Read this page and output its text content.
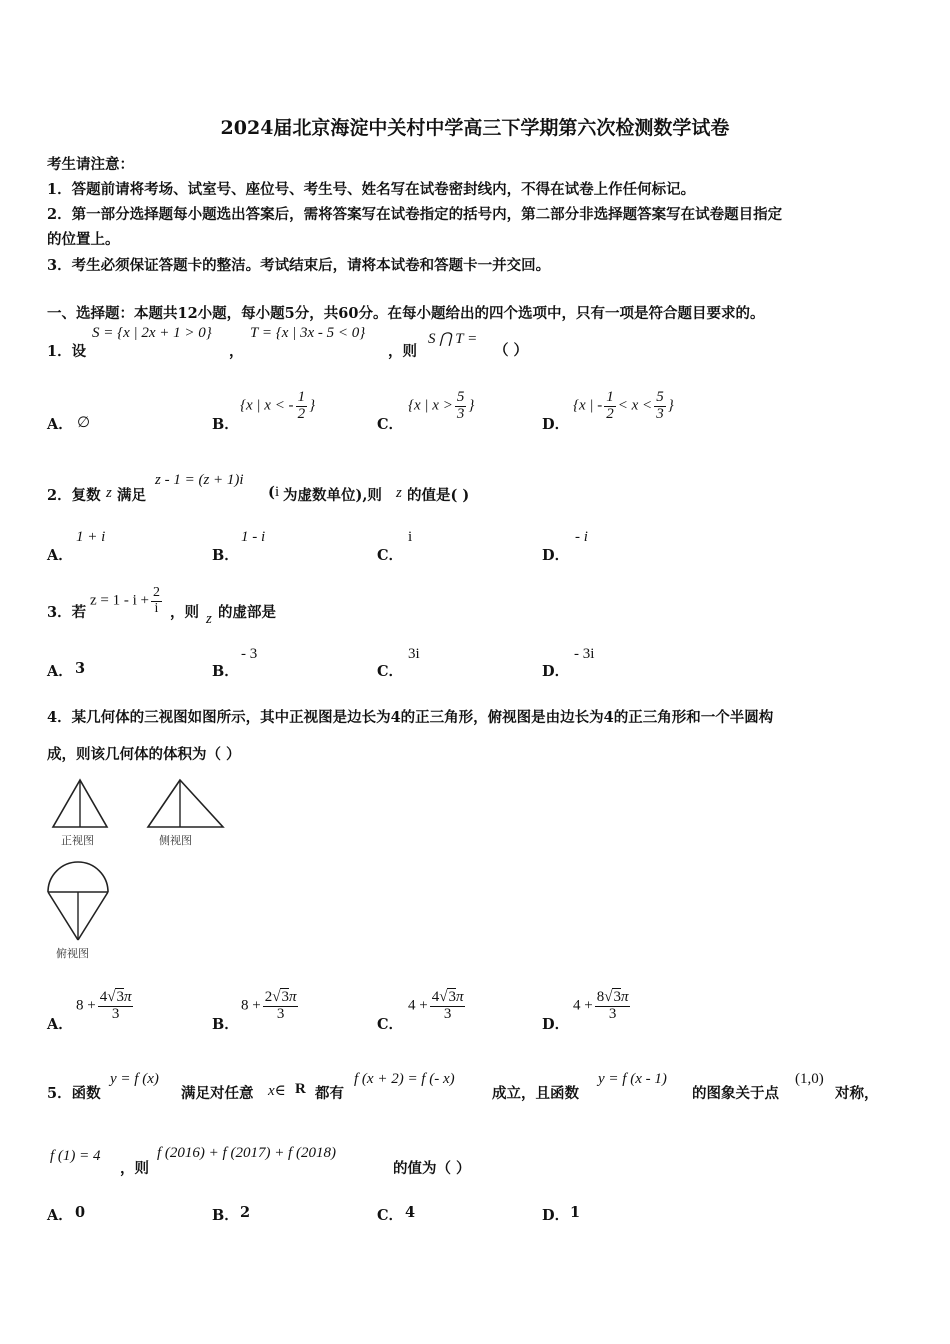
2024届北京海淀中关村中学高三下学期第六次检测数学试卷
考生请注意：
1．答题前请将考场、试室号、座位号、考生号、姓名写在试卷密封线内，不得在试卷上作任何标记。
2．第一部分选择题每小题选出答案后，需将答案写在试卷指定的括号内，第二部分非选择题答案写在试卷题目指定
的位置上。
3．考生必须保证答题卡的整洁。考试结束后，请将本试卷和答题卡一并交回。
一、选择题：本题共12小题，每小题5分，共60分。在每小题给出的四个选项中，只有一项是符合题目要求的。
1．设
S = {x | 2x + 1 > 0}
，
T = {x | 3x - 5 < 0}
，则
S ⋂ T =
（ ）
A． ∅	B．
{x | x < - $\frac{1}{2}$ }
C．
{x | $x > \frac{5}{3}$ }
D．
{x | - $\frac{1}{2} < x < \frac{5}{3}$ }
2．复数 z 满足
z - 1 = (z + 1)i
( i 为虚数单位),则 z 的值是( )
A．
1 + i
B．
1 - i
C．
i
D．
- i
3．若
$z = 1 - i + \frac{2}{i}$ ，则 z 的虚部是
A． 3	B．
- 3
C．
3i
D．
- 3i
4．某几何体的三视图如图所示，其中正视图是边长为4的正三角形，俯视图是由边长为4的正三角形和一个半圆构
成，则该几何体的体积为（ ）
正视图	侧视图
俯视图
A．
$8 + \frac{4√3\pi}{3}$
B．
$8 + \frac{2√3\pi}{3}$
C．
$4 + \frac{4√3\pi}{3}$
D．
$4 + \frac{8√3\pi}{3}$
5．函数
y = f (x)
满足对任意 x∈ R 都有
f (x + 2) = f (- x)
成立，且函数
y = f (x - 1)
的图象关于点
(1,0)
对称，
f (1) = 4
，则
f (2016) + f (2017) + f (2018)
的值为（ ）
A． 0	B． 2	C． 4	D． 1
